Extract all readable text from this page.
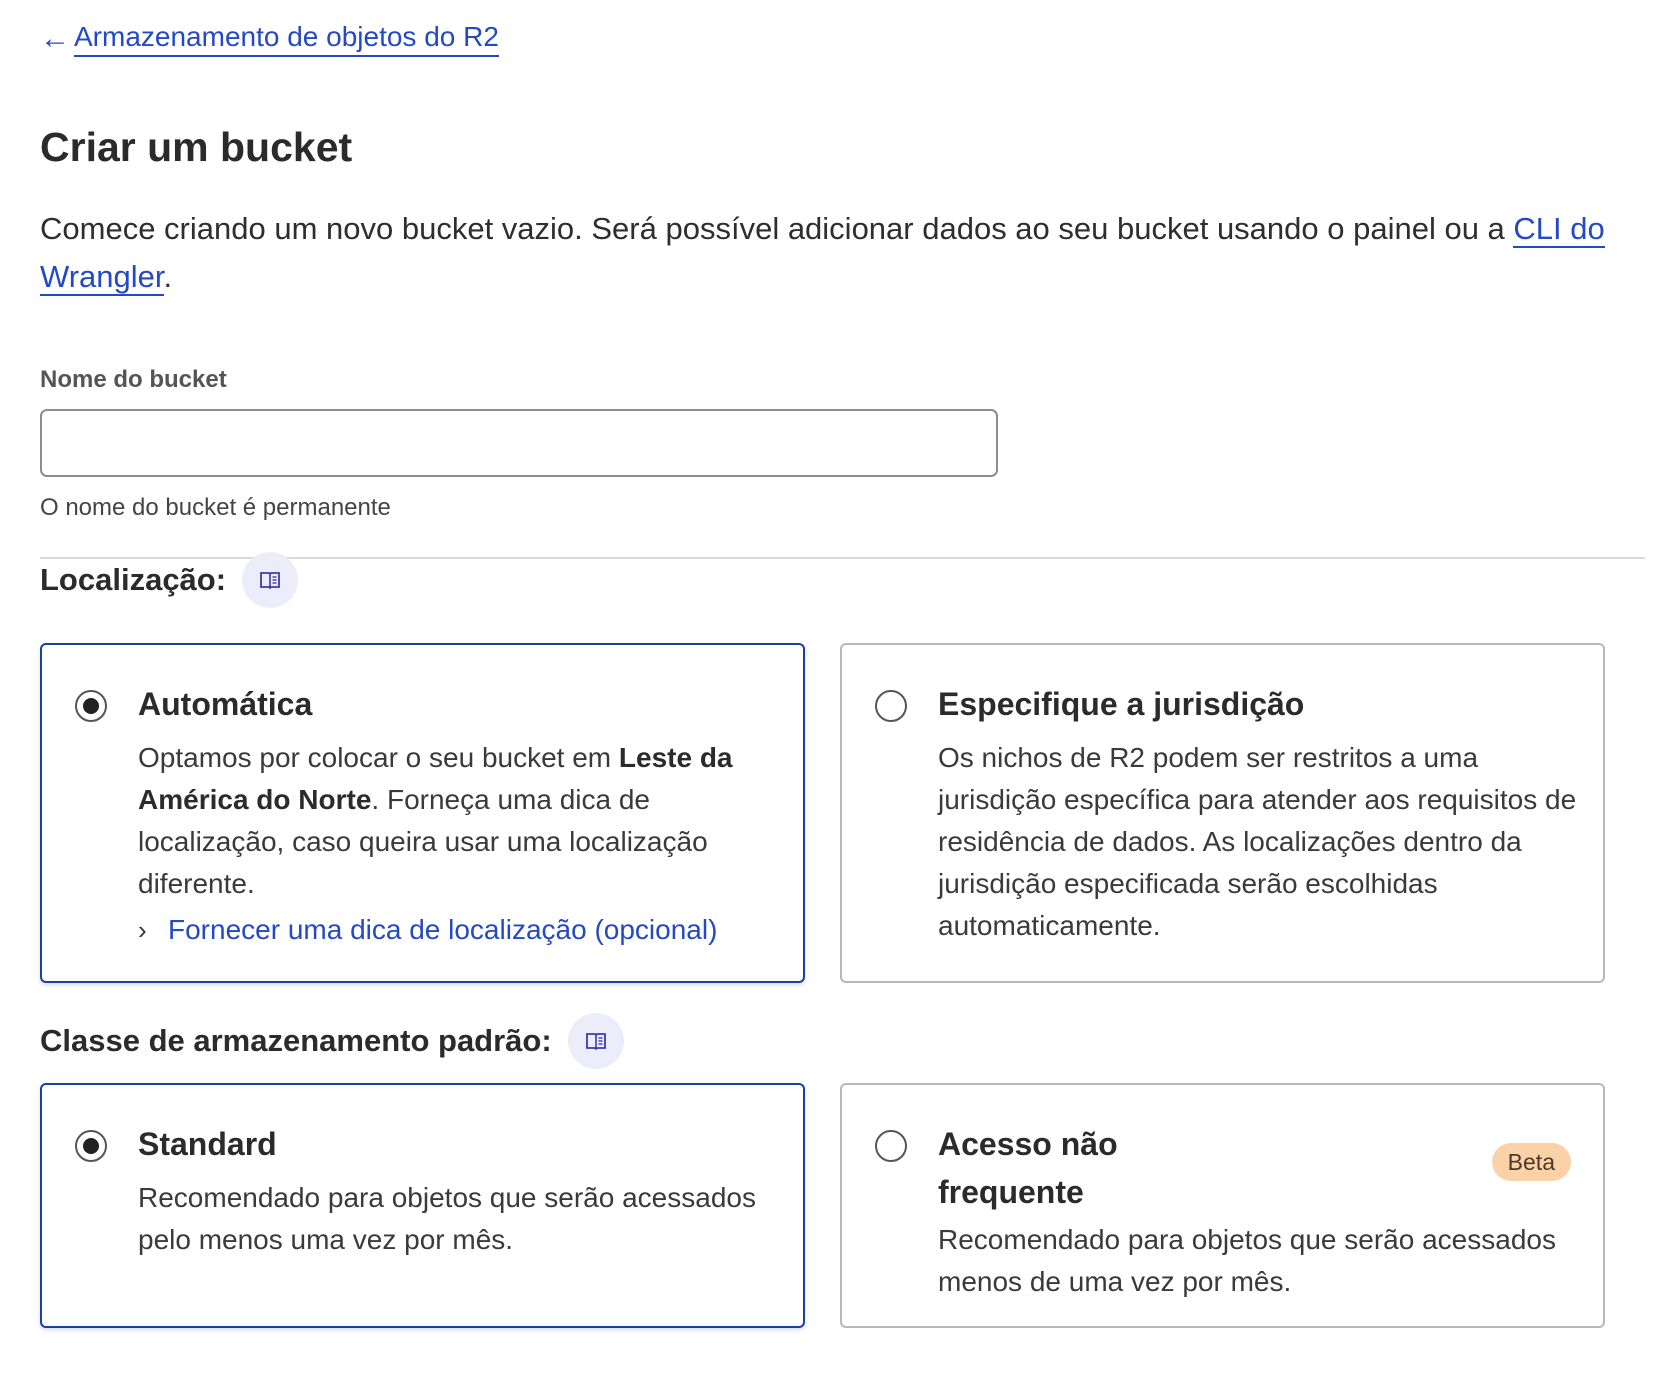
← Armazenamento de objetos do R2
Criar um bucket

Comece criando um novo bucket vazio. Será possível adicionar dados ao seu bucket usando o painel ou a CLI do Wrangler.

Nome do bucket
O nome do bucket é permanente
Localização:
Automática
Optamos por colocar o seu bucket em Leste da América do Norte. Forneça uma dica de localização, caso queira usar uma localização diferente.
› Fornecer uma dica de localização (opcional)
Especifique a jurisdição
Os nichos de R2 podem ser restritos a uma jurisdição específica para atender aos requisitos de residência de dados. As localizações dentro da jurisdição especificada serão escolhidas automaticamente.
Classe de armazenamento padrão:
Standard
Recomendado para objetos que serão acessados pelo menos uma vez por mês.
Acesso não frequente
Beta
Recomendado para objetos que serão acessados menos de uma vez por mês.
